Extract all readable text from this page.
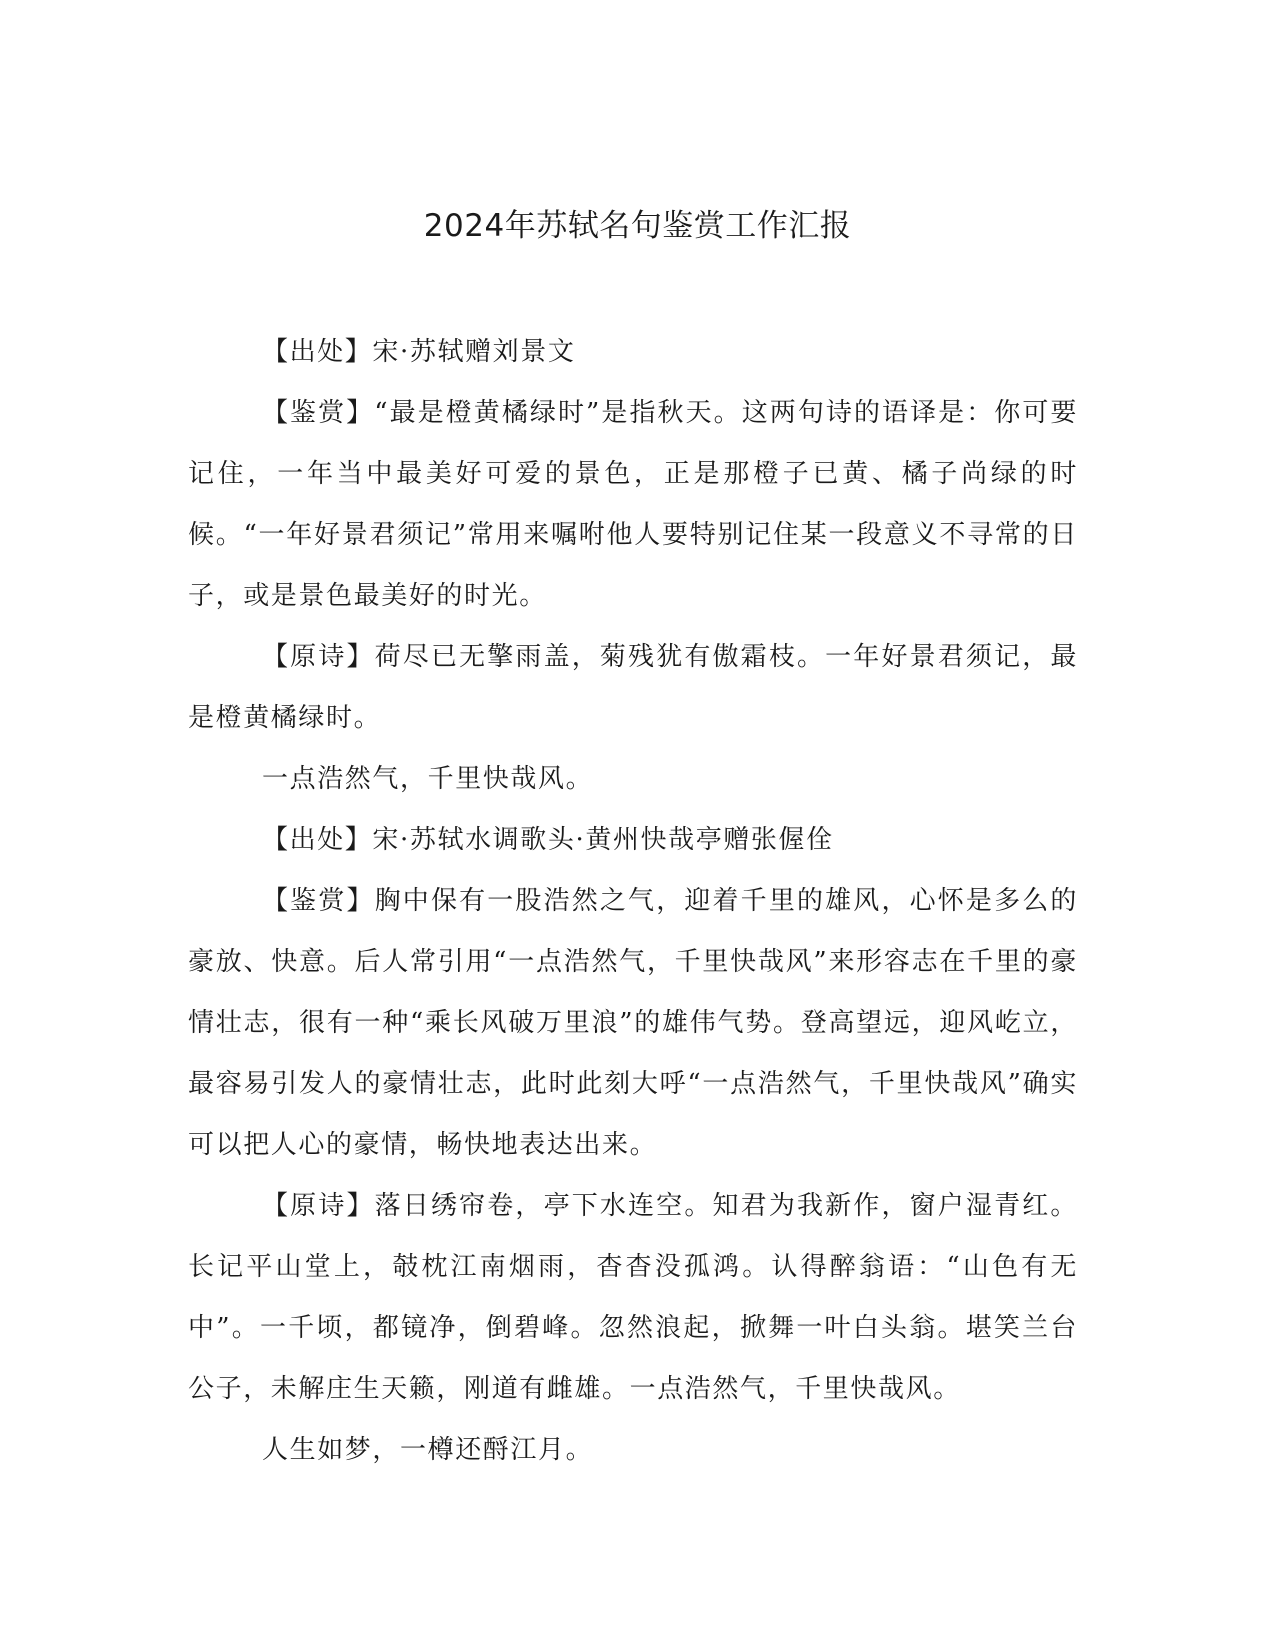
2024年苏轼名句鉴赏工作汇报

【出处】宋·苏轼赠刘景文

【鉴赏】“最是橙黄橘绿时”是指秋天。这两句诗的语译是：你可要记住，一年当中最美好可爱的景色，正是那橙子已黄、橘子尚绿的时候。“一年好景君须记”常用来嘱咐他人要特别记住某一段意义不寻常的日子，或是景色最美好的时光。

【原诗】荷尽已无擎雨盖，菊残犹有傲霜枝。一年好景君须记，最是橙黄橘绿时。

一点浩然气，千里快哉风。

【出处】宋·苏轼水调歌头·黄州快哉亭赠张偓佺

【鉴赏】胸中保有一股浩然之气，迎着千里的雄风，心怀是多么的豪放、快意。后人常引用“一点浩然气，千里快哉风”来形容志在千里的豪情壮志，很有一种“乘长风破万里浪”的雄伟气势。登高望远，迎风屹立，最容易引发人的豪情壮志，此时此刻大呼“一点浩然气，千里快哉风”确实可以把人心的豪情，畅快地表达出来。

【原诗】落日绣帘卷，亭下水连空。知君为我新作，窗户湿青红。长记平山堂上，攲枕江南烟雨，杳杳没孤鸿。认得醉翁语：“山色有无中”。一千顷，都镜净，倒碧峰。忽然浪起，掀舞一叶白头翁。堪笑兰台公子，未解庄生天籁，刚道有雌雄。一点浩然气，千里快哉风。

人生如梦，一樽还酹江月。
